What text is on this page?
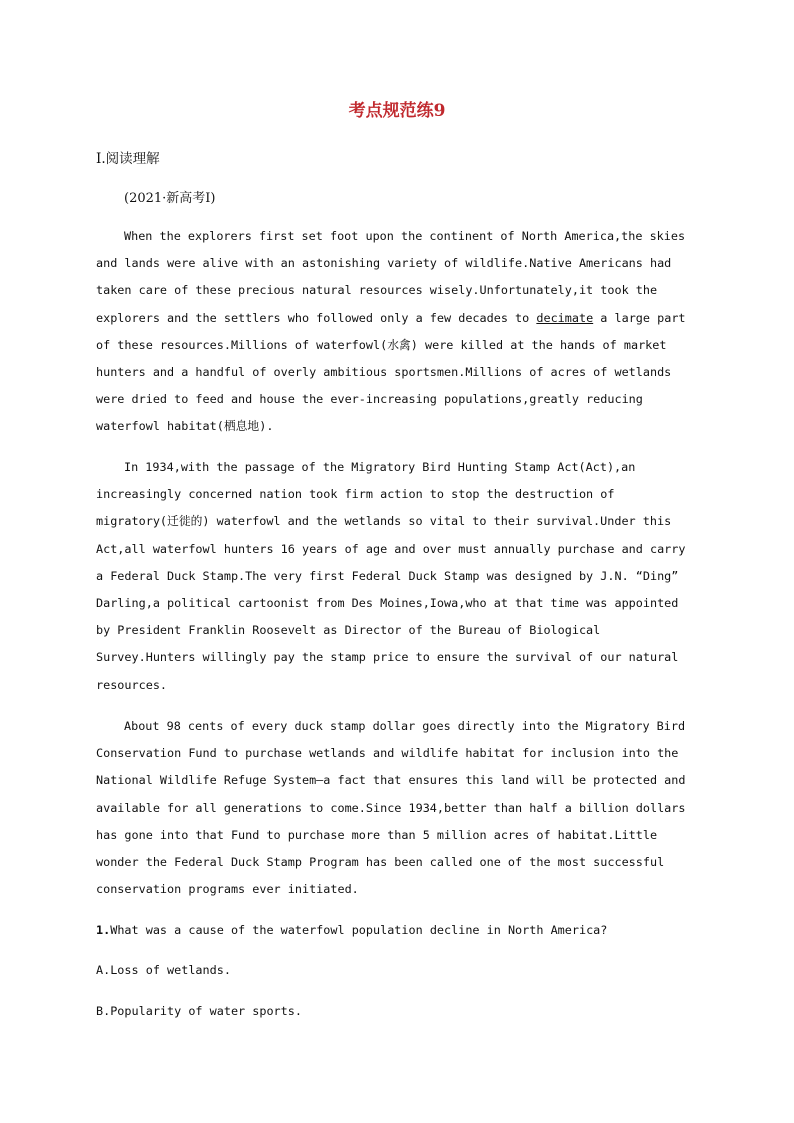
考点规范练9
Ⅰ.阅读理解
(2021·新高考Ⅰ)

When the explorers first set foot upon the continent of North America,the skies and lands were alive with an astonishing variety of wildlife.Native Americans had taken care of these precious natural resources wisely.Unfortunately,it took the explorers and the settlers who followed only a few decades to decimate a large part of these resources.Millions of waterfowl(水禽) were killed at the hands of market hunters and a handful of overly ambitious sportsmen.Millions of acres of wetlands were dried to feed and house the ever-increasing populations,greatly reducing waterfowl habitat(栖息地).

In 1934,with the passage of the Migratory Bird Hunting Stamp Act(Act),an increasingly concerned nation took firm action to stop the destruction of migratory(迁徙的) waterfowl and the wetlands so vital to their survival.Under this Act,all waterfowl hunters 16 years of age and over must annually purchase and carry a Federal Duck Stamp.The very first Federal Duck Stamp was designed by J.N. “Ding” Darling,a political cartoonist from Des Moines,Iowa,who at that time was appointed by President Franklin Roosevelt as Director of the Bureau of Biological Survey.Hunters willingly pay the stamp price to ensure the survival of our natural resources.

About 98 cents of every duck stamp dollar goes directly into the Migratory Bird Conservation Fund to purchase wetlands and wildlife habitat for inclusion into the National Wildlife Refuge System—a fact that ensures this land will be protected and available for all generations to come.Since 1934,better than half a billion dollars has gone into that Fund to purchase more than 5 million acres of habitat.Little wonder the Federal Duck Stamp Program has been called one of the most successful conservation programs ever initiated.

1.What was a cause of the waterfowl population decline in North America?
A.Loss of wetlands.
B.Popularity of water sports.
